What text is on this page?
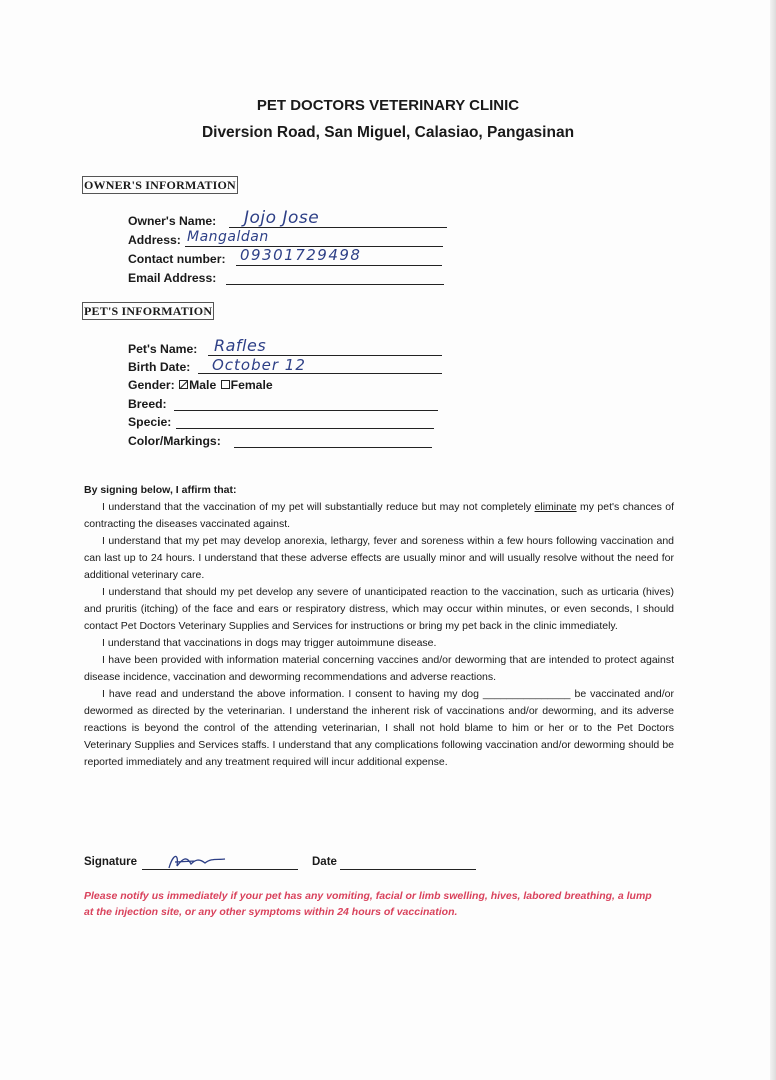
PET DOCTORS VETERINARY CLINIC
Diversion Road, San Miguel, Calasiao, Pangasinan
OWNER'S INFORMATION
Owner's Name: Jojo Jose
Address: Mangaldan
Contact number: 09301729498
Email Address:
PET'S INFORMATION
Pet's Name: Rafles
Birth Date: October 12
Gender: Male Female
Breed:
Specie:
Color/Markings:
By signing below, I affirm that:

I understand that the vaccination of my pet will substantially reduce but may not completely eliminate my pet's chances of contracting the diseases vaccinated against.

I understand that my pet may develop anorexia, lethargy, fever and soreness within a few hours following vaccination and can last up to 24 hours. I understand that these adverse effects are usually minor and will usually resolve without the need for additional veterinary care.

I understand that should my pet develop any severe of unanticipated reaction to the vaccination, such as urticaria (hives) and pruritis (itching) of the face and ears or respiratory distress, which may occur within minutes, or even seconds, I should contact Pet Doctors Veterinary Supplies and Services for instructions or bring my pet back in the clinic immediately.

I understand that vaccinations in dogs may trigger autoimmune disease.

I have been provided with information material concerning vaccines and/or deworming that are intended to protect against disease incidence, vaccination and deworming recommendations and adverse reactions.

I have read and understand the above information. I consent to having my dog _______________ be vaccinated and/or dewormed as directed by the veterinarian. I understand the inherent risk of vaccinations and/or deworming, and its adverse reactions is beyond the control of the attending veterinarian, I shall not hold blame to him or her or to the Pet Doctors Veterinary Supplies and Services staffs. I understand that any complications following vaccination and/or deworming should be reported immediately and any treatment required will incur additional expense.

Signature	Date
Please notify us immediately if your pet has any vomiting, facial or limb swelling, hives, labored breathing, a lump at the injection site, or any other symptoms within 24 hours of vaccination.
